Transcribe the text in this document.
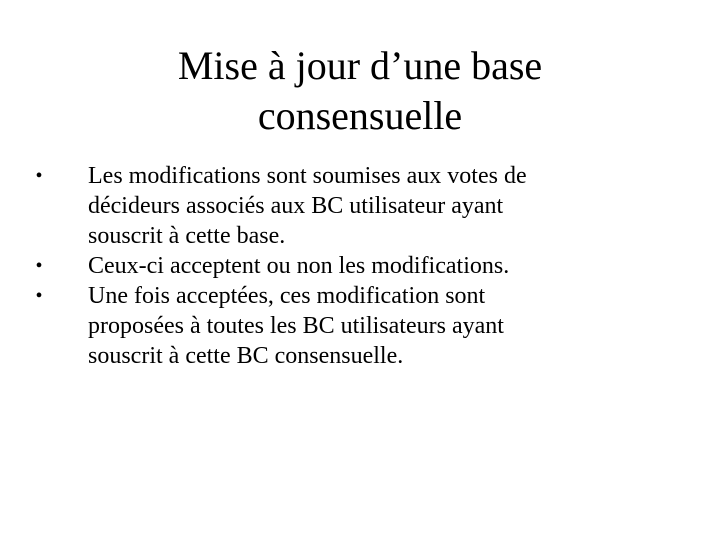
Mise à jour d’une base
consensuelle
• Les modifications sont soumises aux votes de
décideurs associés aux BC utilisateur ayant
souscrit à cette base.
• Ceux-ci acceptent ou non les modifications.
• Une fois acceptées, ces modification sont
proposées à toutes les BC utilisateurs ayant
souscrit à cette BC consensuelle.
